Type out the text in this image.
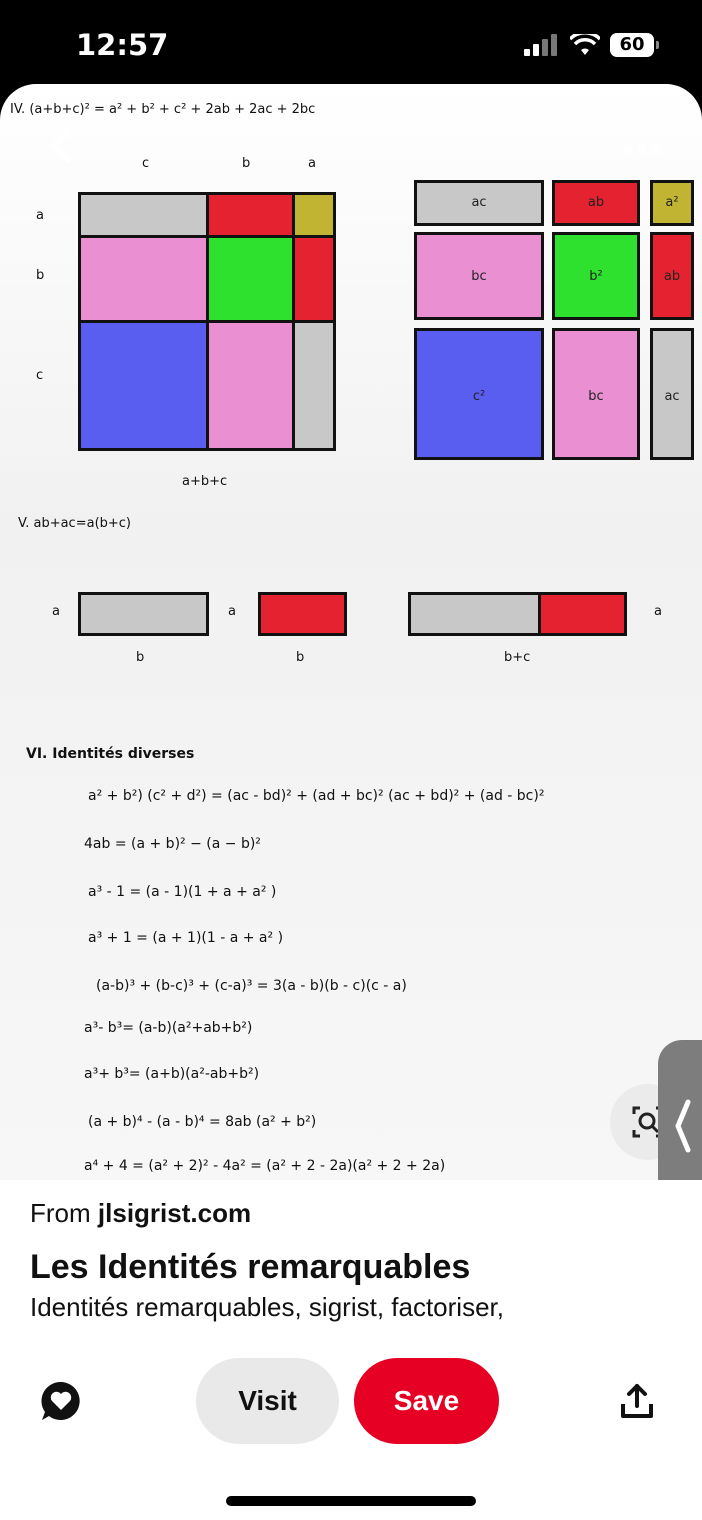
12:57	60
IV. (a+b+c)² = a² + b² + c² + 2ab + 2ac + 2bc
c	b	a
a
b
c
a+b+c
ac	ab	a²
bc	b²	ab
c²	bc	ac
V. ab+ac=a(b+c)
a
b
a
b	b+c
a
VI. Identités diverses
a² + b²) (c² + d²) = (ac - bd)² + (ad + bc)² (ac + bd)² + (ad - bc)²
4ab = (a + b)² − (a − b)²
a³ - 1 = (a - 1)(1 + a + a² )
a³ + 1 = (a + 1)(1 - a + a² )
(a-b)³ + (b-c)³ + (c-a)³ = 3(a - b)(b - c)(c - a)
a³- b³= (a-b)(a²+ab+b²)
a³+ b³= (a+b)(a²-ab+b²)
(a + b)⁴ - (a - b)⁴ = 8ab (a² + b²)
a⁴ + 4 = (a² + 2)² - 4a² = (a² + 2 - 2a)(a² + 2 + 2a)
From jlsigrist.com
Les Identités remarquables
Identités remarquables, sigrist, factoriser,
Visit	Save
